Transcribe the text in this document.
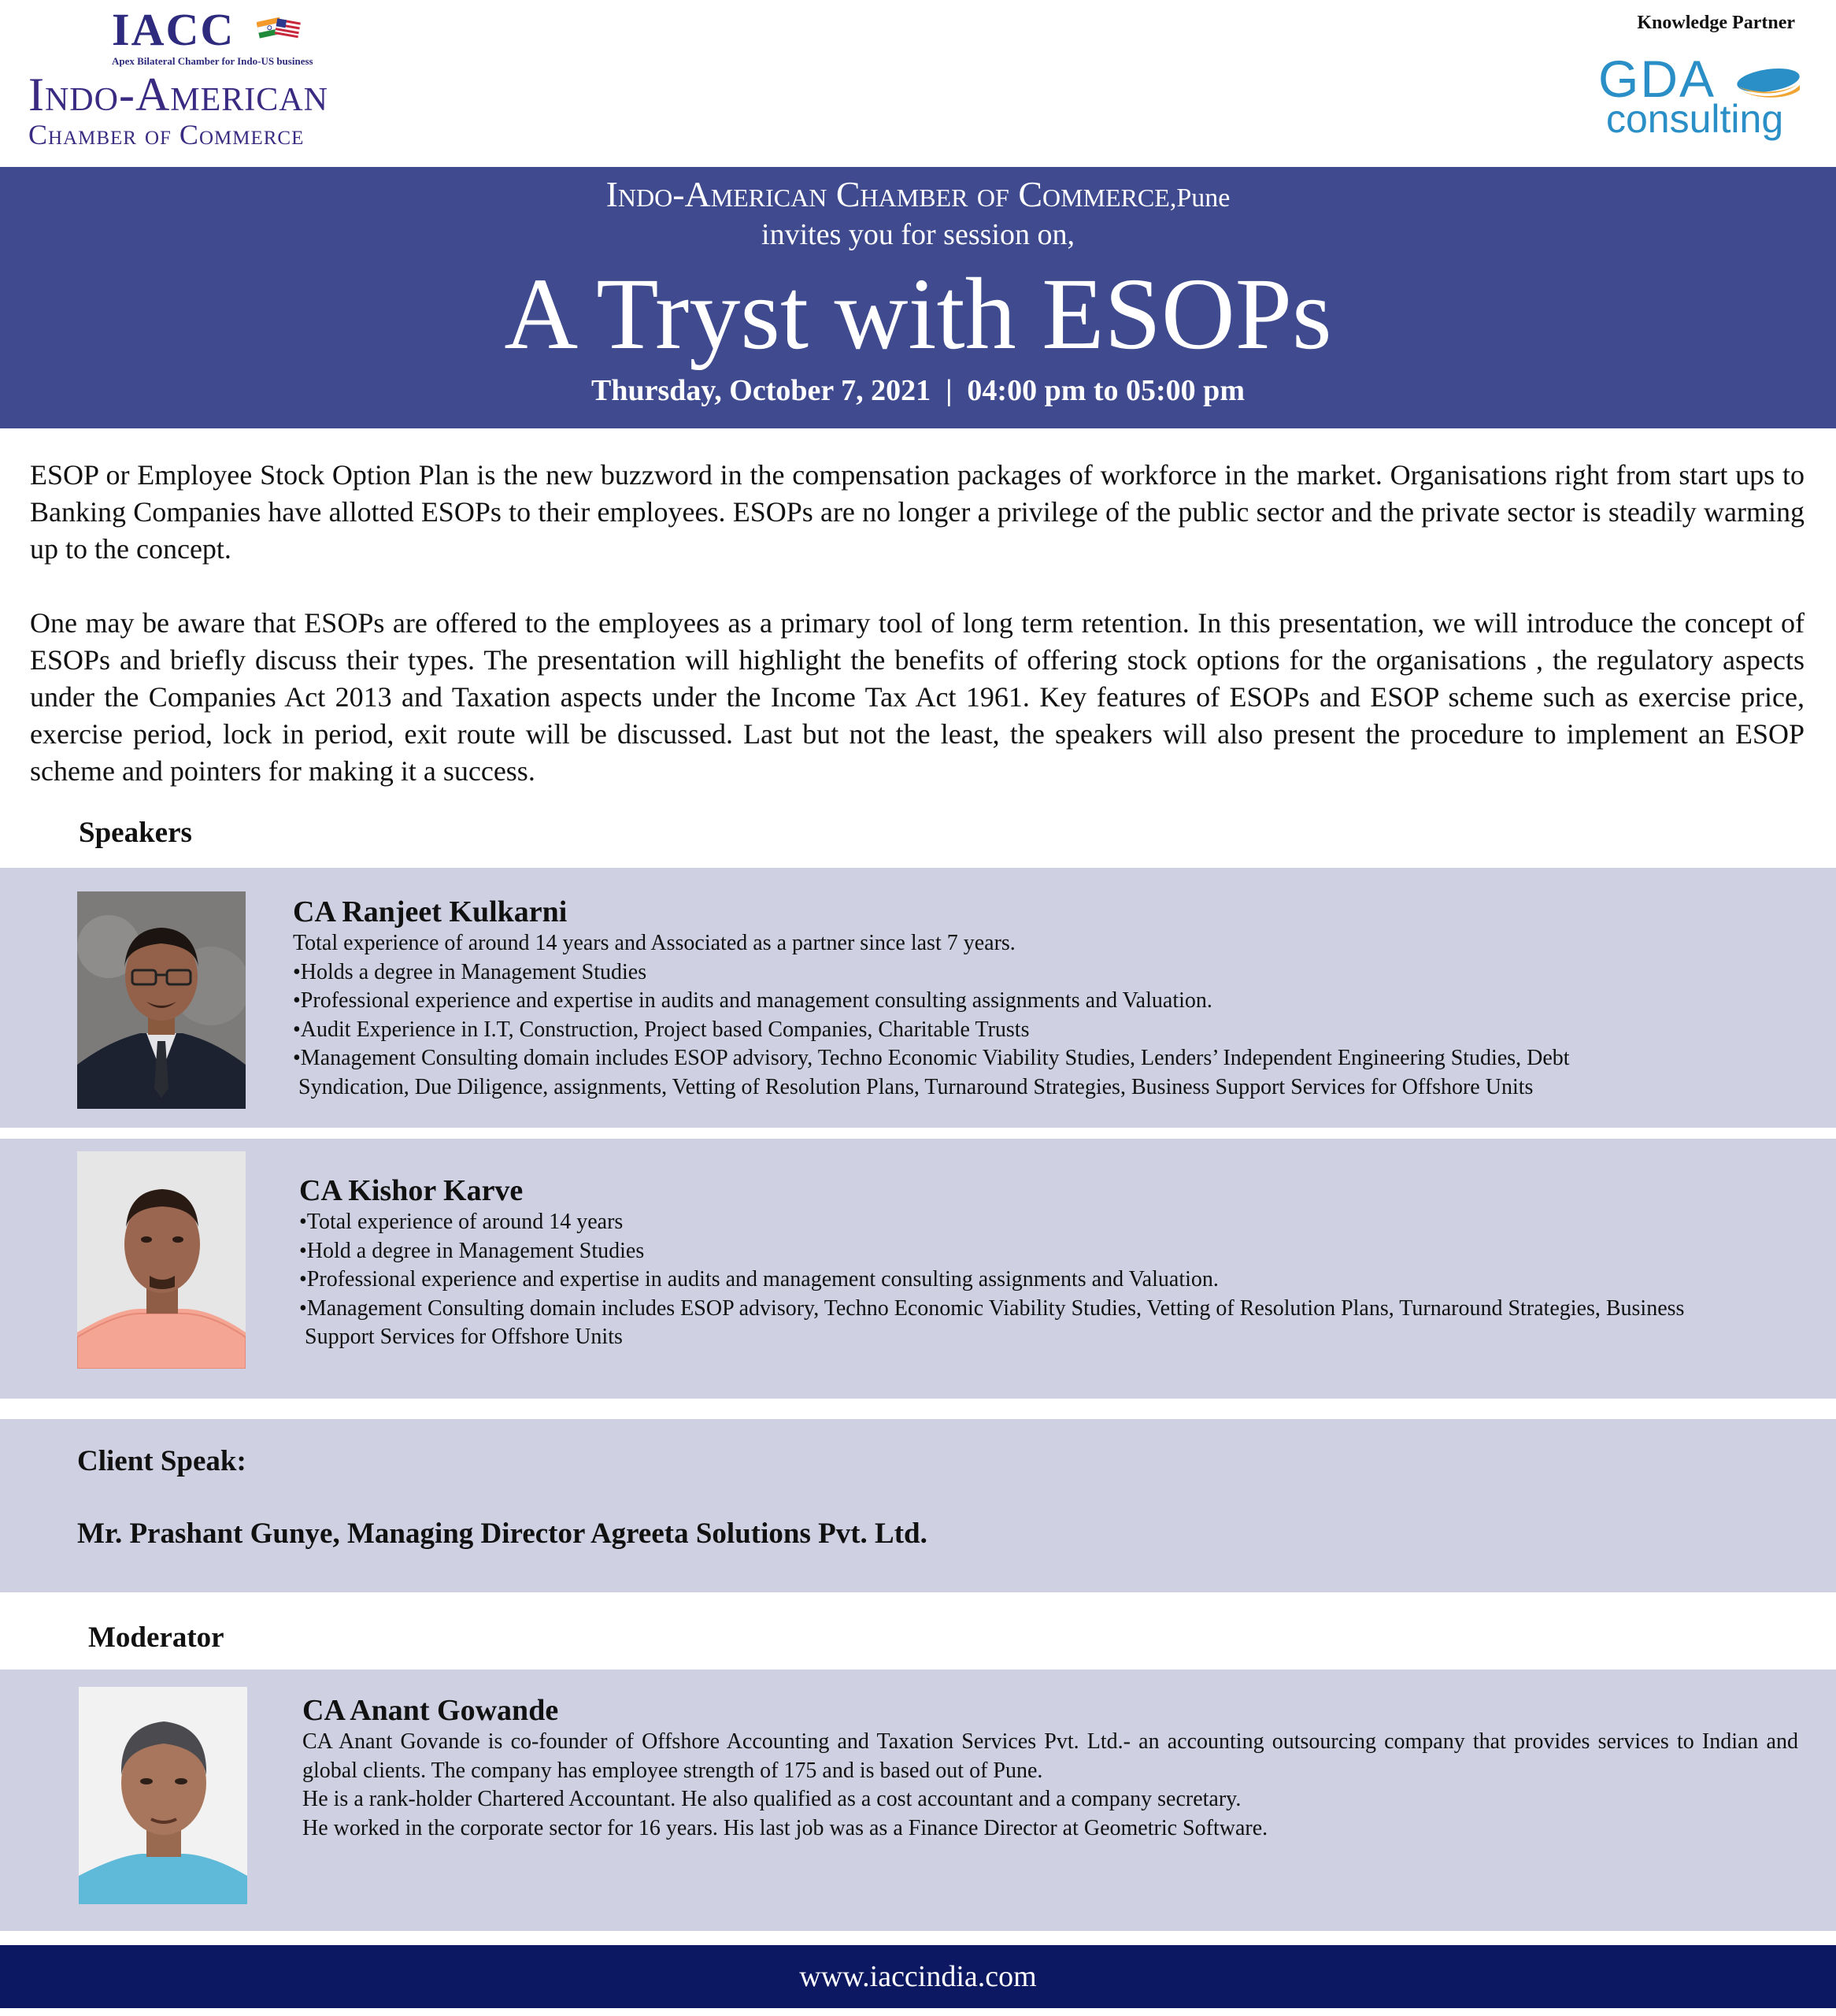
IACC
Apex Bilateral Chamber for Indo-US business
Indo-American
Chamber of Commerce
Knowledge Partner
GDA
consulting
Indo-American Chamber of Commerce,Pune
invites you for session on,
A Tryst with ESOPs
Thursday, October 7, 2021  |  04:00 pm to 05:00 pm
ESOP or Employee Stock Option Plan is the new buzzword in the compensation packages of workforce in the market. Organisations right from start ups to Banking Companies have allotted ESOPs to their employees. ESOPs are no longer a privilege of the public sector and the private sector is steadily warming up to the concept.
One may be aware that ESOPs are offered to the employees as a primary tool of long term retention. In this presentation, we will introduce the concept of ESOPs and briefly discuss their types. The presentation will highlight the benefits of offering stock options for the organisations , the regulatory aspects under the Companies Act 2013 and Taxation aspects under the Income Tax Act 1961. Key features of ESOPs and ESOP scheme such as exercise price, exercise period, lock in period, exit route will be discussed. Last but not the least, the speakers will also present the procedure to implement an ESOP scheme and pointers for making it a success.
Speakers
CA Ranjeet Kulkarni
Total experience of around 14 years and Associated as a partner since last 7 years.
•Holds a degree in Management Studies
•Professional experience and expertise in audits and management consulting assignments and Valuation.
•Audit Experience in I.T, Construction, Project based Companies, Charitable Trusts
•Management Consulting domain includes ESOP advisory, Techno Economic Viability Studies, Lenders’ Independent Engineering Studies, Debt
Syndication, Due Diligence, assignments, Vetting of Resolution Plans, Turnaround Strategies, Business Support Services for Offshore Units
CA Kishor Karve
•Total experience of around 14 years
•Hold a degree in Management Studies
•Professional experience and expertise in audits and management consulting assignments and Valuation.
•Management Consulting domain includes ESOP advisory, Techno Economic Viability Studies, Vetting of Resolution Plans, Turnaround Strategies, Business
Support Services for Offshore Units
Client Speak:
Mr. Prashant Gunye, Managing Director Agreeta Solutions Pvt. Ltd.
Moderator
CA Anant Gowande
CA Anant Govande is co-founder of Offshore Accounting and Taxation Services Pvt. Ltd.- an accounting outsourcing company that provides services to Indian and global clients. The company has employee strength of 175 and is based out of Pune.
He is a rank-holder Chartered Accountant. He also qualified as a cost accountant and a company secretary.
He worked in the corporate sector for 16 years. His last job was as a Finance Director at Geometric Software.
www.iaccindia.com
